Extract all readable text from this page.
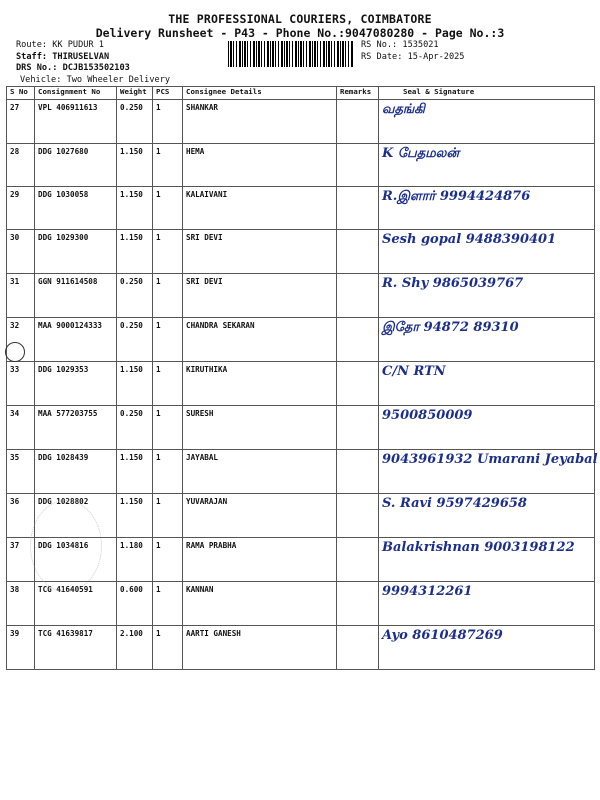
THE PROFESSIONAL COURIERS, COIMBATORE
Delivery Runsheet - P43 - Phone No.:9047080280 - Page No.:3
Route: KK PUDUR 1
Staff: THIRUSELVAN
DRS No.: DCJB153502103
Vehicle: Two Wheeler Delivery
RS No.: 1535021
RS Date: 15-Apr-2025
S No	Consignment No	Weight	PCS	Consignee Details	Remarks	Seal & Signature
27	VPL 406911613	0.250	1	SHANKAR		வதங்கி
28	DDG 1027680	1.150	1	HEMA		K பேதமலன்
29	DDG 1030058	1.150	1	KALAIVANI		R.இளார் 9994424876
30	DDG 1029300	1.150	1	SRI DEVI		Sesh gopal 9488390401
31	GGN 911614508	0.250	1	SRI DEVI		R. Shy 9865039767
32	MAA 9000124333	0.250	1	CHANDRA SEKARAN		இதோ 94872 89310
33	DDG 1029353	1.150	1	KIRUTHIKA		C/N RTN
34	MAA 577203755	0.250	1	SURESH		9500850009
35	DDG 1028439	1.150	1	JAYABAL		9043961932 Umarani Jeyabal
36	DDG 1028802	1.150	1	YUVARAJAN		S. Ravi 9597429658
37	DDG 1034816	1.180	1	RAMA PRABHA		Balakrishnan 9003198122
38	TCG 41640591	0.600	1	KANNAN		9994312261
39	TCG 41639817	2.100	1	AARTI GANESH		Ayo 8610487269
